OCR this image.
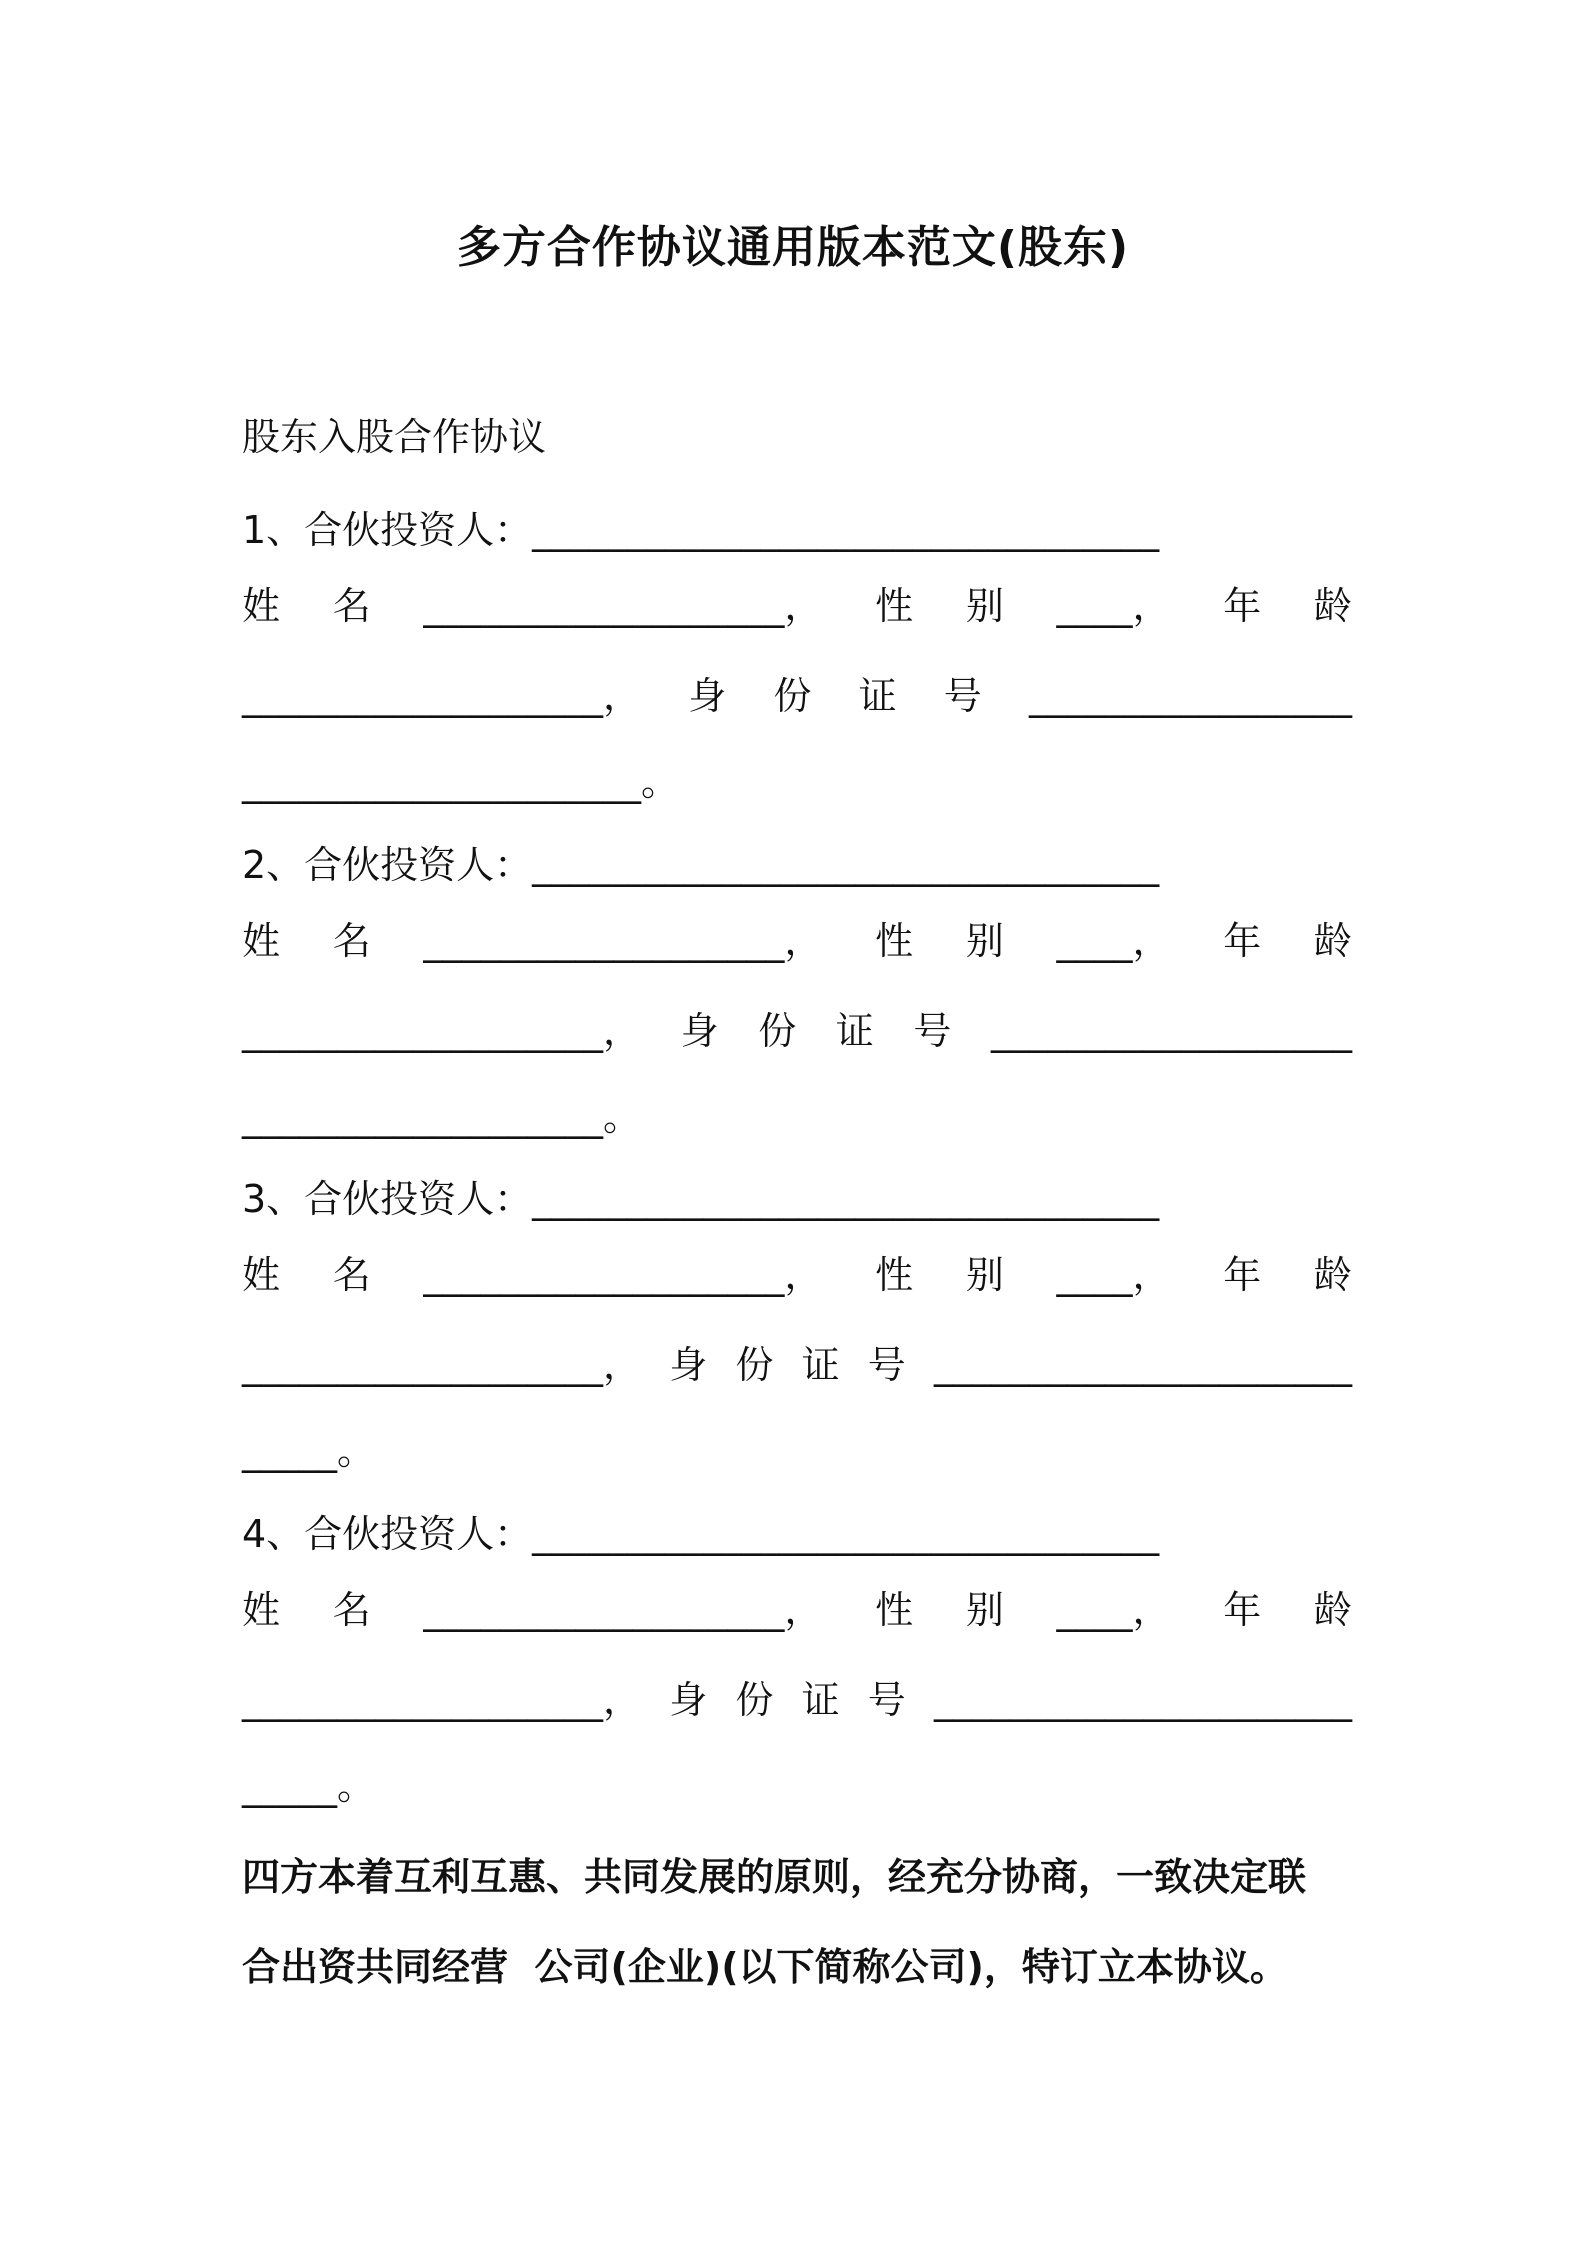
多方合作协议通用版本范文(股东)
股东入股合作协议
1、合伙投资人：_________________________________
姓 名 ___________________， 性 别 ____， 年 龄
___________________， 身 份 证 号 _________________
_____________________。
2、合伙投资人：_________________________________
姓 名 ___________________， 性 别 ____， 年 龄
___________________， 身 份 证 号 ___________________
___________________。
3、合伙投资人：_________________________________
姓 名 ___________________， 性 别 ____， 年 龄
___________________， 身 份 证 号 ______________________
_____。
4、合伙投资人：_________________________________
姓 名 ___________________， 性 别 ____， 年 龄
___________________， 身 份 证 号 ______________________
_____。
四方本着互利互惠、共同发展的原则，经充分协商，一致决定联
合出资共同经营  公司(企业)(以下简称公司)，特订立本协议。
